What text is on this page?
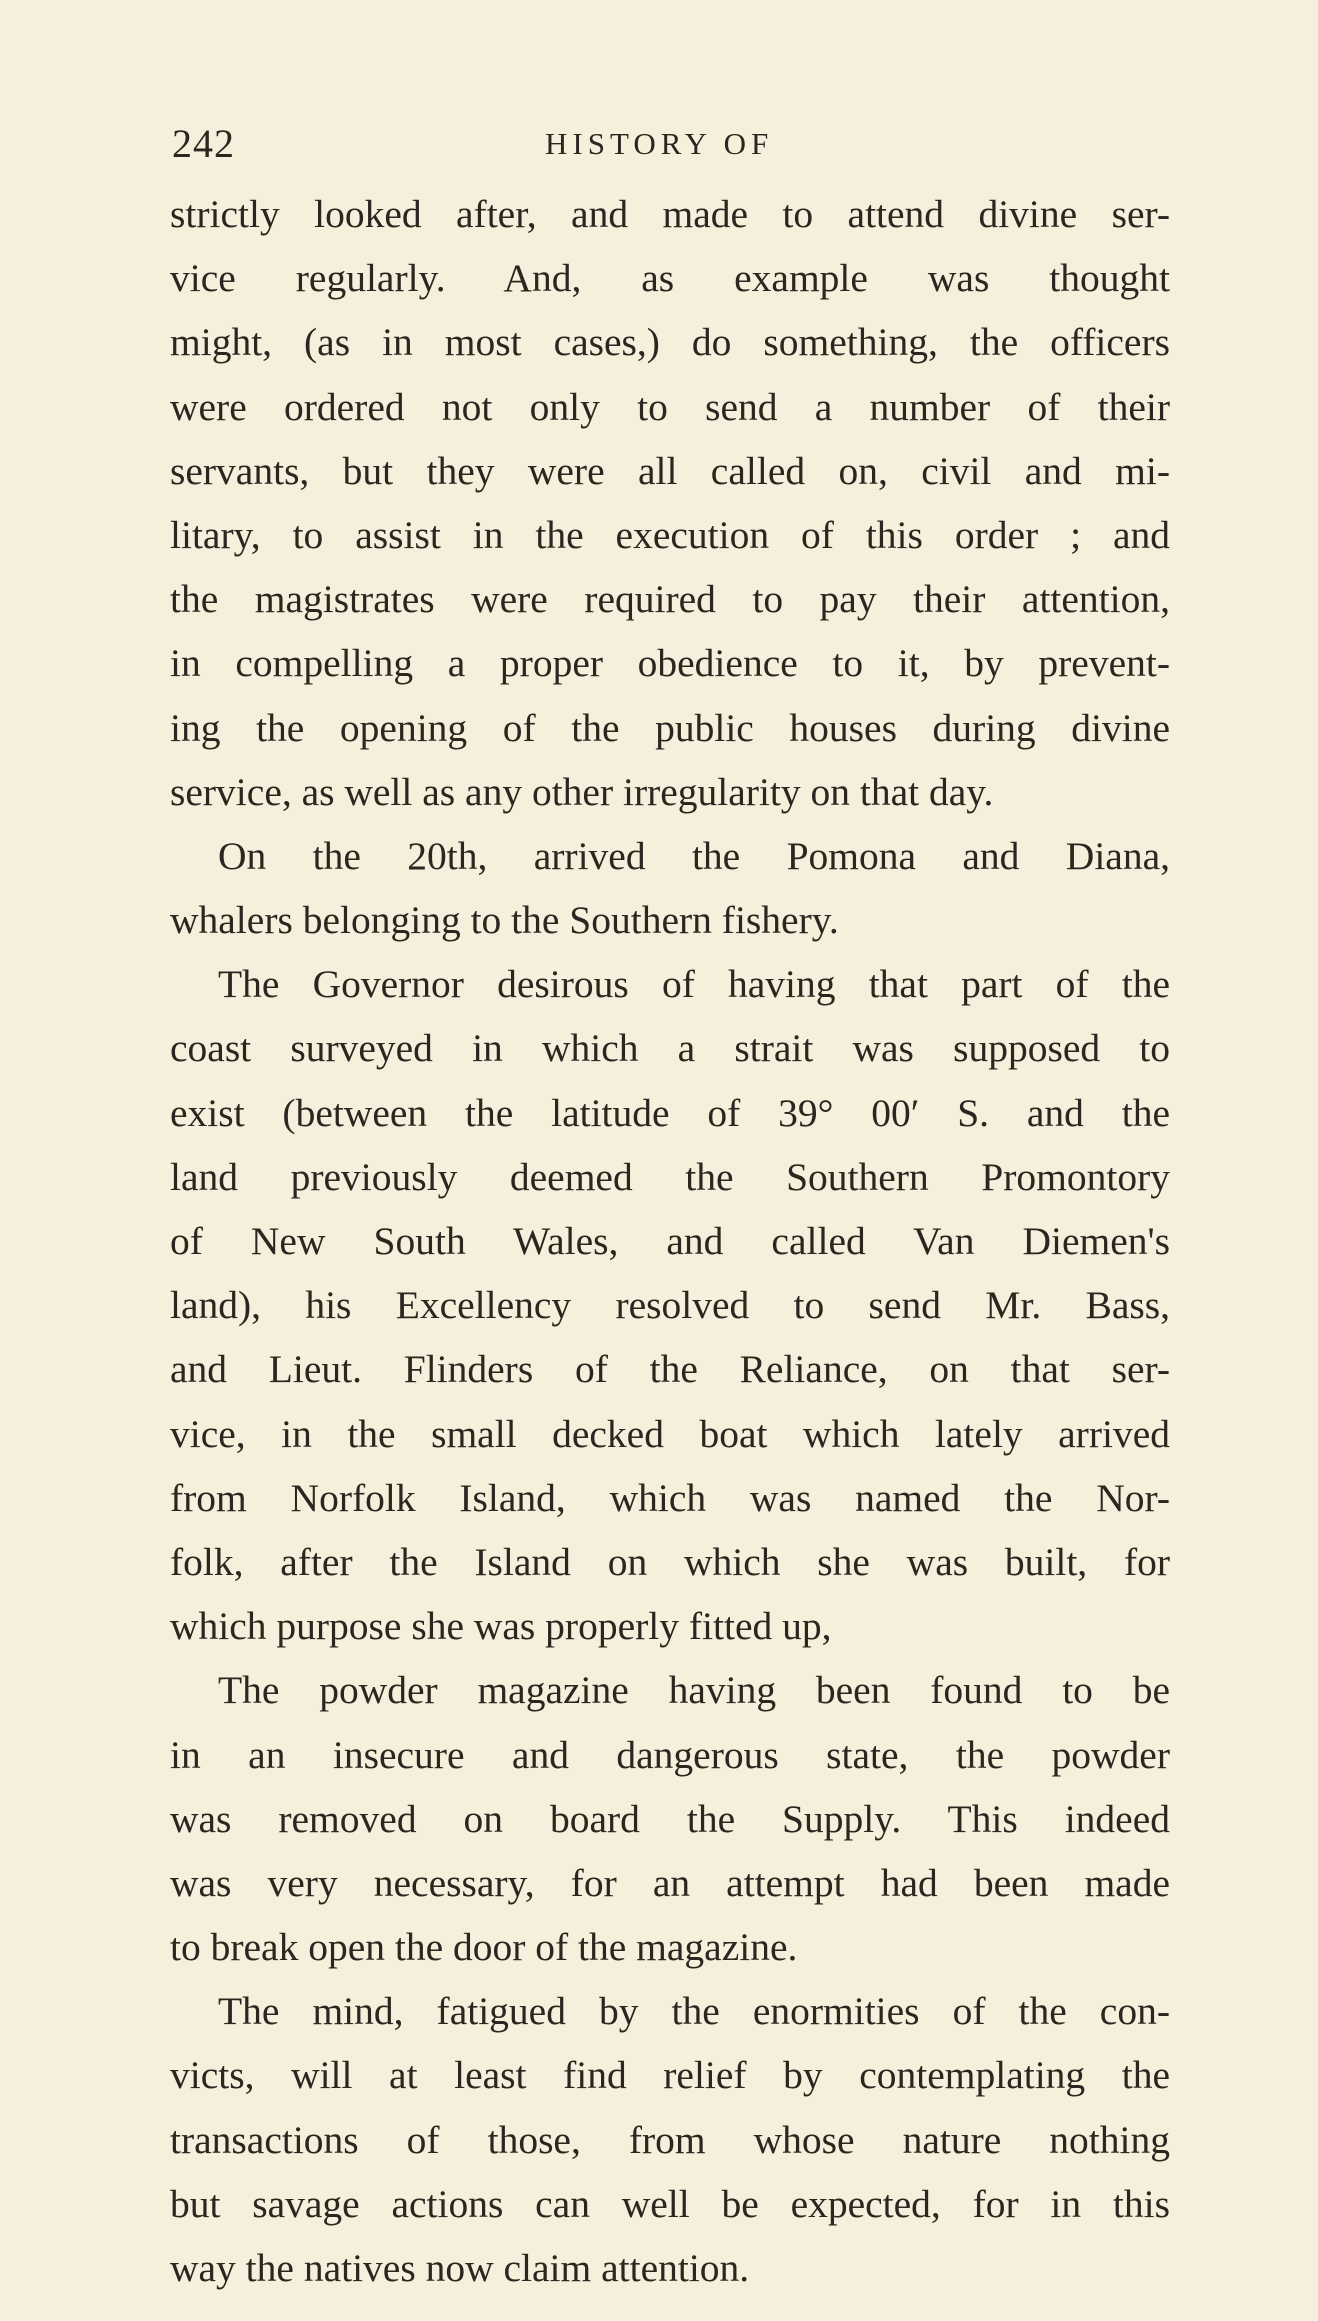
242	HISTORY OF
strictly looked after, and made to attend divine ser-
vice regularly. And, as example was thought
might, (as in most cases,) do something, the officers
were ordered not only to send a number of their
servants, but they were all called on, civil and mi-
litary, to assist in the execution of this order ; and
the magistrates were required to pay their attention,
in compelling a proper obedience to it, by prevent-
ing the opening of the public houses during divine
service, as well as any other irregularity on that day.
On the 20th, arrived the Pomona and Diana,
whalers belonging to the Southern fishery.
The Governor desirous of having that part of the
coast surveyed in which a strait was supposed to
exist (between the latitude of 39° 00′ S. and the
land previously deemed the Southern Promontory
of New South Wales, and called Van Diemen's
land), his Excellency resolved to send Mr. Bass,
and Lieut. Flinders of the Reliance, on that ser-
vice, in the small decked boat which lately arrived
from Norfolk Island, which was named the Nor-
folk, after the Island on which she was built, for
which purpose she was properly fitted up,
The powder magazine having been found to be
in an insecure and dangerous state, the powder
was removed on board the Supply. This indeed
was very necessary, for an attempt had been made
to break open the door of the magazine.
The mind, fatigued by the enormities of the con-
victs, will at least find relief by contemplating the
transactions of those, from whose nature nothing
but savage actions can well be expected, for in this
way the natives now claim attention.
